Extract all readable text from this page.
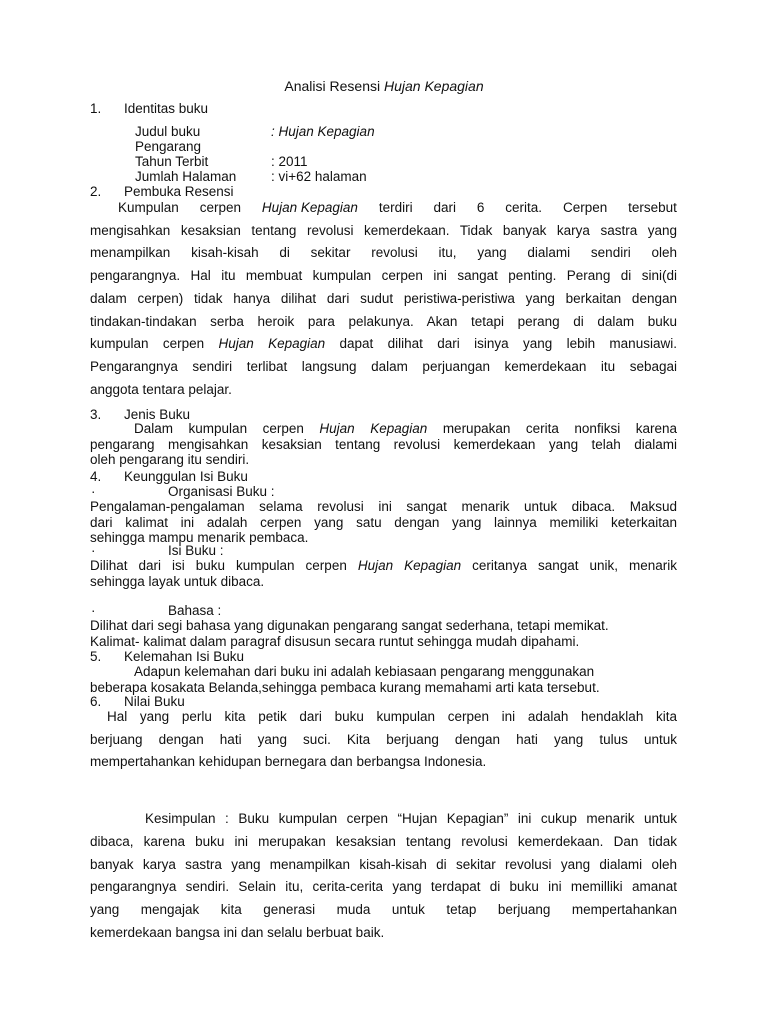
Analisi Resensi Hujan Kepagian
1. Identitas buku
Judul buku	: Hujan Kepagian
Pengarang
Tahun Terbit	: 2011
Jumlah Halaman	: vi+62 halaman
2. Pembuka Resensi
Kumpulan cerpen Hujan Kepagian terdiri dari 6 cerita. Cerpen tersebut
mengisahkan kesaksian tentang revolusi kemerdekaan. Tidak banyak karya sastra yang
menampilkan kisah-kisah di sekitar revolusi itu, yang dialami sendiri oleh
pengarangnya. Hal itu membuat kumpulan cerpen ini sangat penting. Perang di sini(di
dalam cerpen) tidak hanya dilihat dari sudut peristiwa-peristiwa yang berkaitan dengan
tindakan-tindakan serba heroik para pelakunya. Akan tetapi perang di dalam buku
kumpulan cerpen Hujan Kepagian dapat dilihat dari isinya yang lebih manusiawi.
Pengarangnya sendiri terlibat langsung dalam perjuangan kemerdekaan itu sebagai
anggota tentara pelajar.
3. Jenis Buku
Dalam kumpulan cerpen Hujan Kepagian merupakan cerita nonfiksi karena
pengarang mengisahkan kesaksian tentang revolusi kemerdekaan yang telah dialami
oleh pengarang itu sendiri.
4. Keunggulan Isi Buku
·	Organisasi Buku :
Pengalaman-pengalaman selama revolusi ini sangat menarik untuk dibaca. Maksud
dari kalimat ini adalah cerpen yang satu dengan yang lainnya memiliki keterkaitan
sehingga mampu menarik pembaca.
·	Isi Buku :
Dilihat dari isi buku kumpulan cerpen Hujan Kepagian ceritanya sangat unik, menarik
sehingga layak untuk dibaca.
·	Bahasa :
Dilihat dari segi bahasa yang digunakan pengarang sangat sederhana, tetapi memikat.
Kalimat- kalimat dalam paragraf disusun secara runtut sehingga mudah dipahami.
5. Kelemahan Isi Buku
Adapun kelemahan dari buku ini adalah kebiasaan pengarang menggunakan
beberapa kosakata Belanda,sehingga pembaca kurang memahami arti kata tersebut.
6. Nilai Buku
Hal yang perlu kita petik dari buku kumpulan cerpen ini adalah hendaklah kita
berjuang dengan hati yang suci. Kita berjuang dengan hati yang tulus untuk
mempertahankan kehidupan bernegara dan berbangsa Indonesia.
Kesimpulan : Buku kumpulan cerpen “Hujan Kepagian” ini cukup menarik untuk
dibaca, karena buku ini merupakan kesaksian tentang revolusi kemerdekaan. Dan tidak
banyak karya sastra yang menampilkan kisah-kisah di sekitar revolusi yang dialami oleh
pengarangnya sendiri. Selain itu, cerita-cerita yang terdapat di buku ini memilliki amanat
yang mengajak kita generasi muda untuk tetap berjuang mempertahankan
kemerdekaan bangsa ini dan selalu berbuat baik.
